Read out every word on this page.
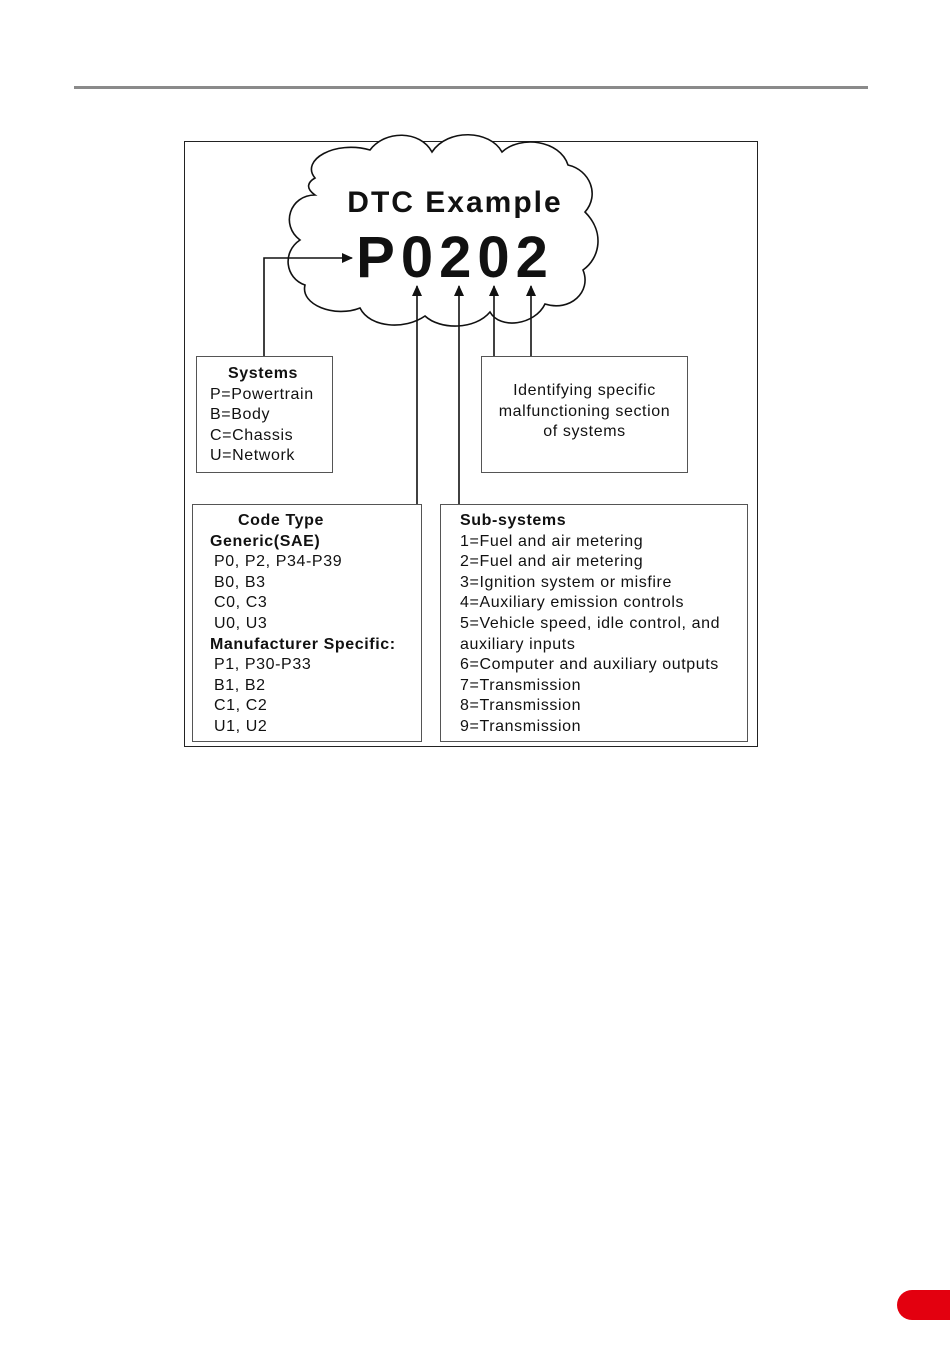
DTC Example
P0202
Systems
P=Powertrain
B=Body
C=Chassis
U=Network
Identifying specific
malfunctioning section
of systems
Code Type
Generic(SAE)
P0, P2, P34-P39
B0, B3
C0, C3
U0, U3
Manufacturer Specific:
P1, P30-P33
B1, B2
C1, C2
U1, U2
Sub-systems
1=Fuel and air metering
2=Fuel and air metering
3=Ignition system or misfire
4=Auxiliary emission controls
5=Vehicle speed, idle control, and
auxiliary inputs
6=Computer and auxiliary outputs
7=Transmission
8=Transmission
9=Transmission
